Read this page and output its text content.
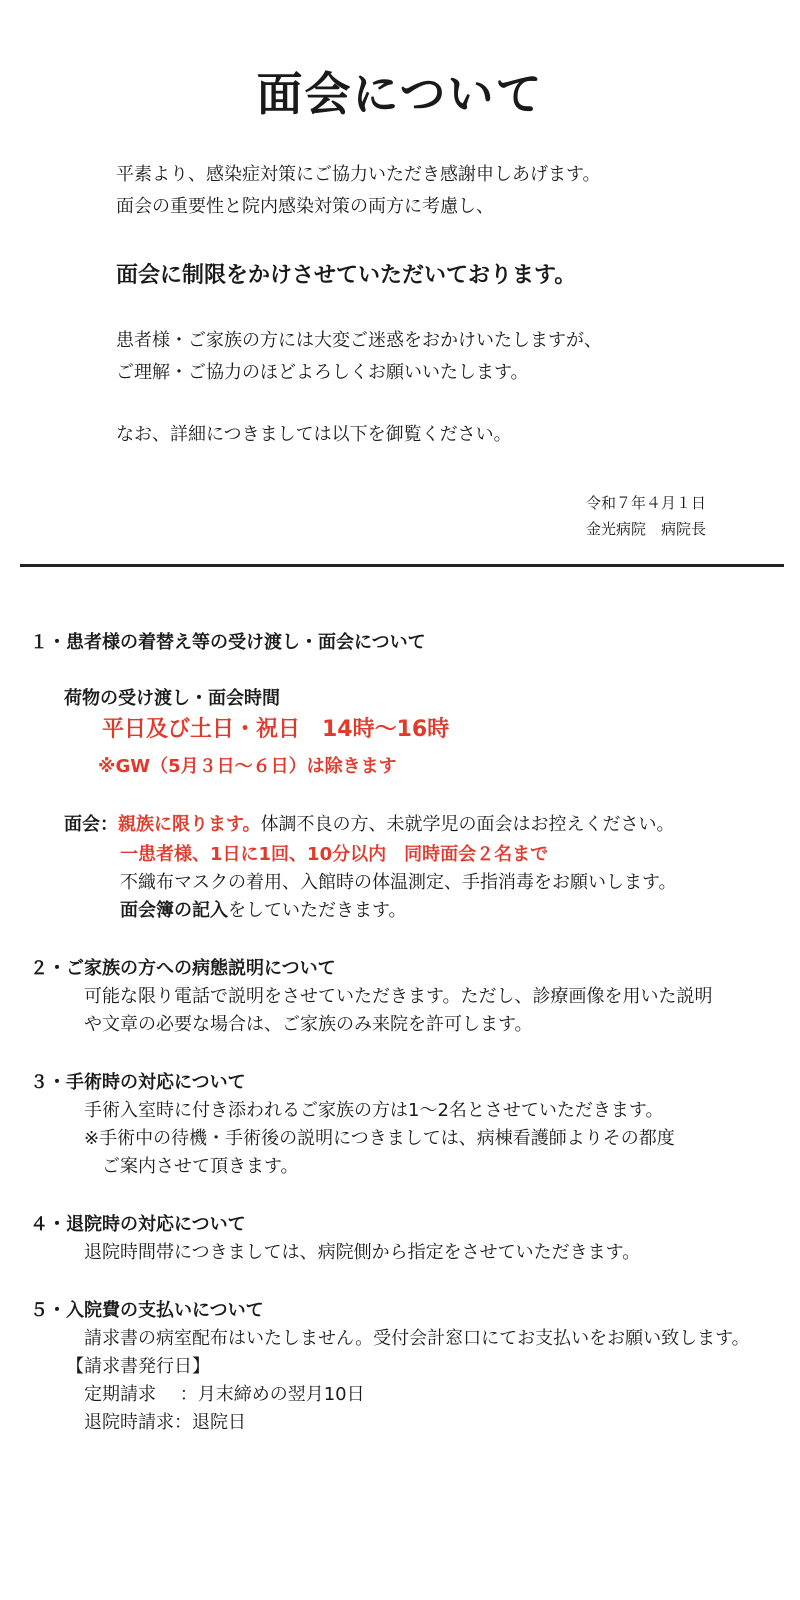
面会について
平素より、感染症対策にご協力いただき感謝申しあげます。
面会の重要性と院内感染対策の両方に考慮し、
面会に制限をかけさせていただいております。
患者様・ご家族の方には大変ご迷惑をおかけいたしますが、
ご理解・ご協力のほどよろしくお願いいたします。
なお、詳細につきましては以下を御覧ください。
令和７年４月１日
金光病院　病院長
１・患者様の着替え等の受け渡し・面会について
荷物の受け渡し・面会時間
平日及び土日・祝日　14時〜16時
※GW（5月３日〜６日）は除きます
面会：親族に限ります。体調不良の方、未就学児の面会はお控えください。
一患者様、1日に1回、10分以内　同時面会２名まで
不織布マスクの着用、入館時の体温測定、手指消毒をお願いします。
面会簿の記入をしていただきます。
２・ご家族の方への病態説明について
可能な限り電話で説明をさせていただきます。ただし、診療画像を用いた説明
や文章の必要な場合は、ご家族のみ来院を許可します。
３・手術時の対応について
手術入室時に付き添われるご家族の方は1〜2名とさせていただきます。
※手術中の待機・手術後の説明につきましては、病棟看護師よりその都度
ご案内させて頂きます。
４・退院時の対応について
退院時間帯につきましては、病院側から指定をさせていただきます。
５・入院費の支払いについて
請求書の病室配布はいたしません。受付会計窓口にてお支払いをお願い致します。
【請求書発行日】
定期請求　 ：月末締めの翌月10日
退院時請求：退院日
